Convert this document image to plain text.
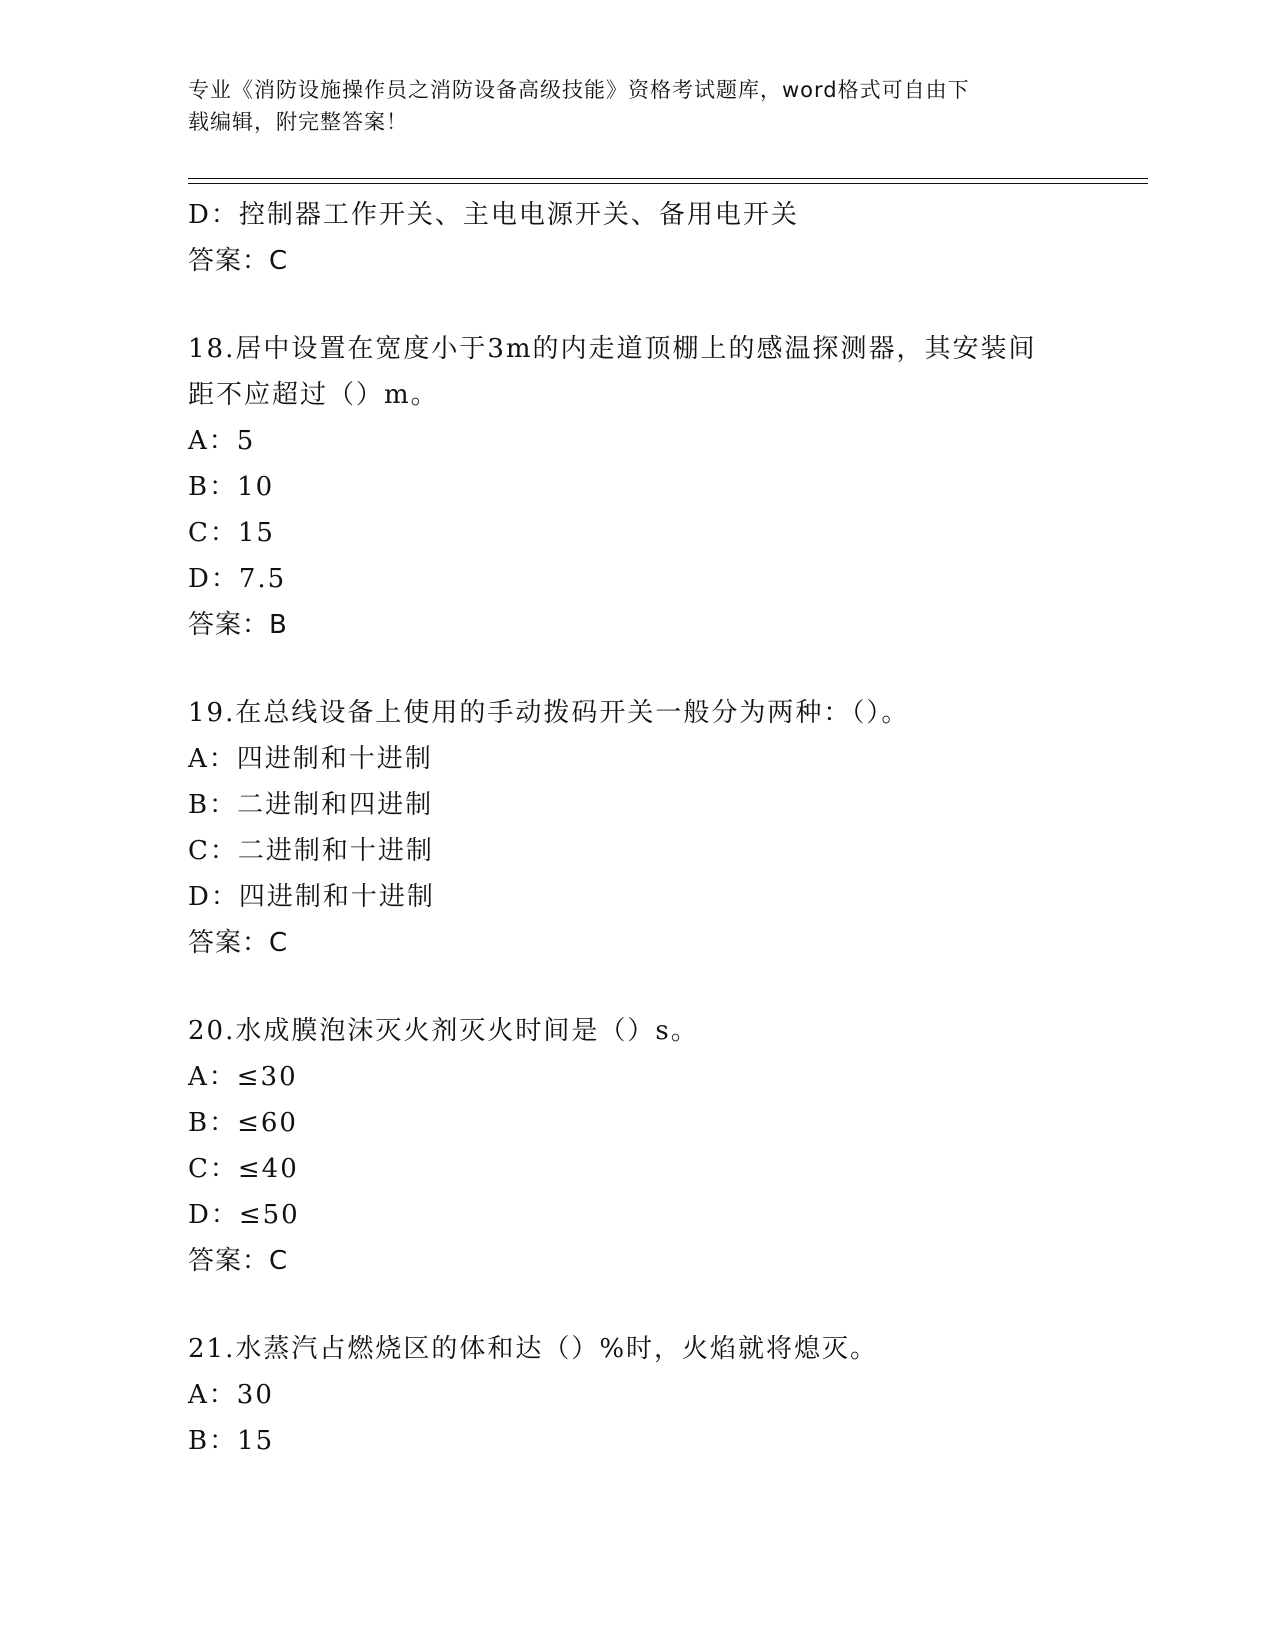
专业《消防设施操作员之消防设备高级技能》资格考试题库，word格式可自由下
载编辑，附完整答案！
D：控制器工作开关、主电电源开关、备用电开关
答案：C
18.居中设置在宽度小于3m的内走道顶棚上的感温探测器，其安装间
距不应超过（）m。
A：5
B：10
C：15
D：7.5
答案：B
19.在总线设备上使用的手动拨码开关一般分为两种：（）。
A：四进制和十进制
B：二进制和四进制
C：二进制和十进制
D：四进制和十进制
答案：C
20.水成膜泡沫灭火剂灭火时间是（）s。
A：≤30
B：≤60
C：≤40
D：≤50
答案：C
21.水蒸汽占燃烧区的体和达（）%时，火焰就将熄灭。
A：30
B：15
